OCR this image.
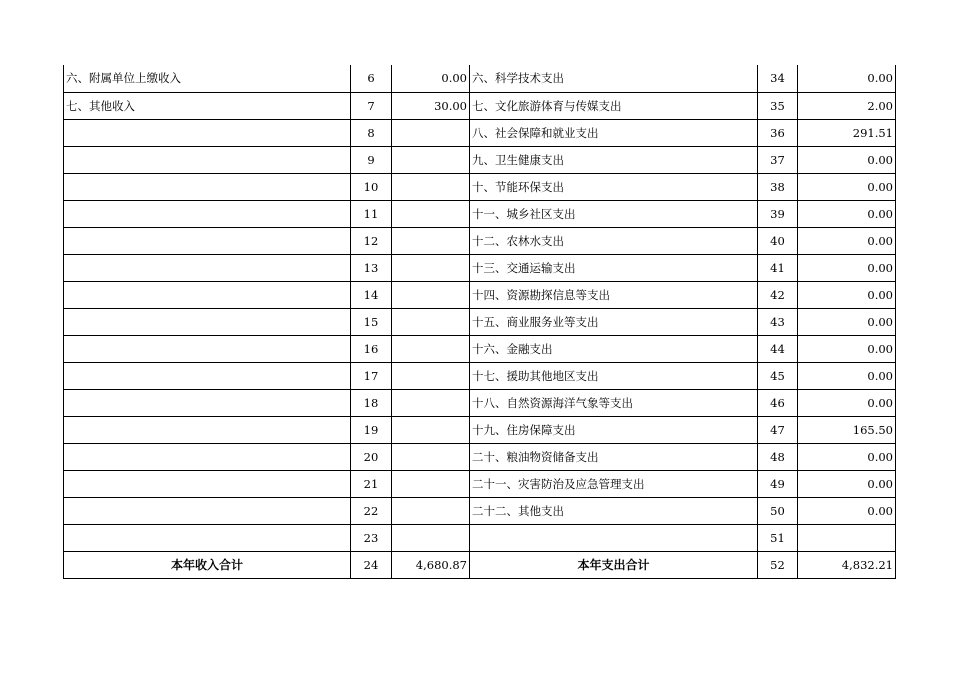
六、附属单位上缴收入	6	0.00	六、科学技术支出	34	0.00
七、其他收入	7	30.00	七、文化旅游体育与传媒支出	35	2.00
	8		八、社会保障和就业支出	36	291.51
	9		九、卫生健康支出	37	0.00
	10		十、节能环保支出	38	0.00
	11		十一、城乡社区支出	39	0.00
	12		十二、农林水支出	40	0.00
	13		十三、交通运输支出	41	0.00
	14		十四、资源勘探信息等支出	42	0.00
	15		十五、商业服务业等支出	43	0.00
	16		十六、金融支出	44	0.00
	17		十七、援助其他地区支出	45	0.00
	18		十八、自然资源海洋气象等支出	46	0.00
	19		十九、住房保障支出	47	165.50
	20		二十、粮油物资储备支出	48	0.00
	21		二十一、灾害防治及应急管理支出	49	0.00
	22		二十二、其他支出	50	0.00
	23			51	
本年收入合计	24	4,680.87	本年支出合计	52	4,832.21
